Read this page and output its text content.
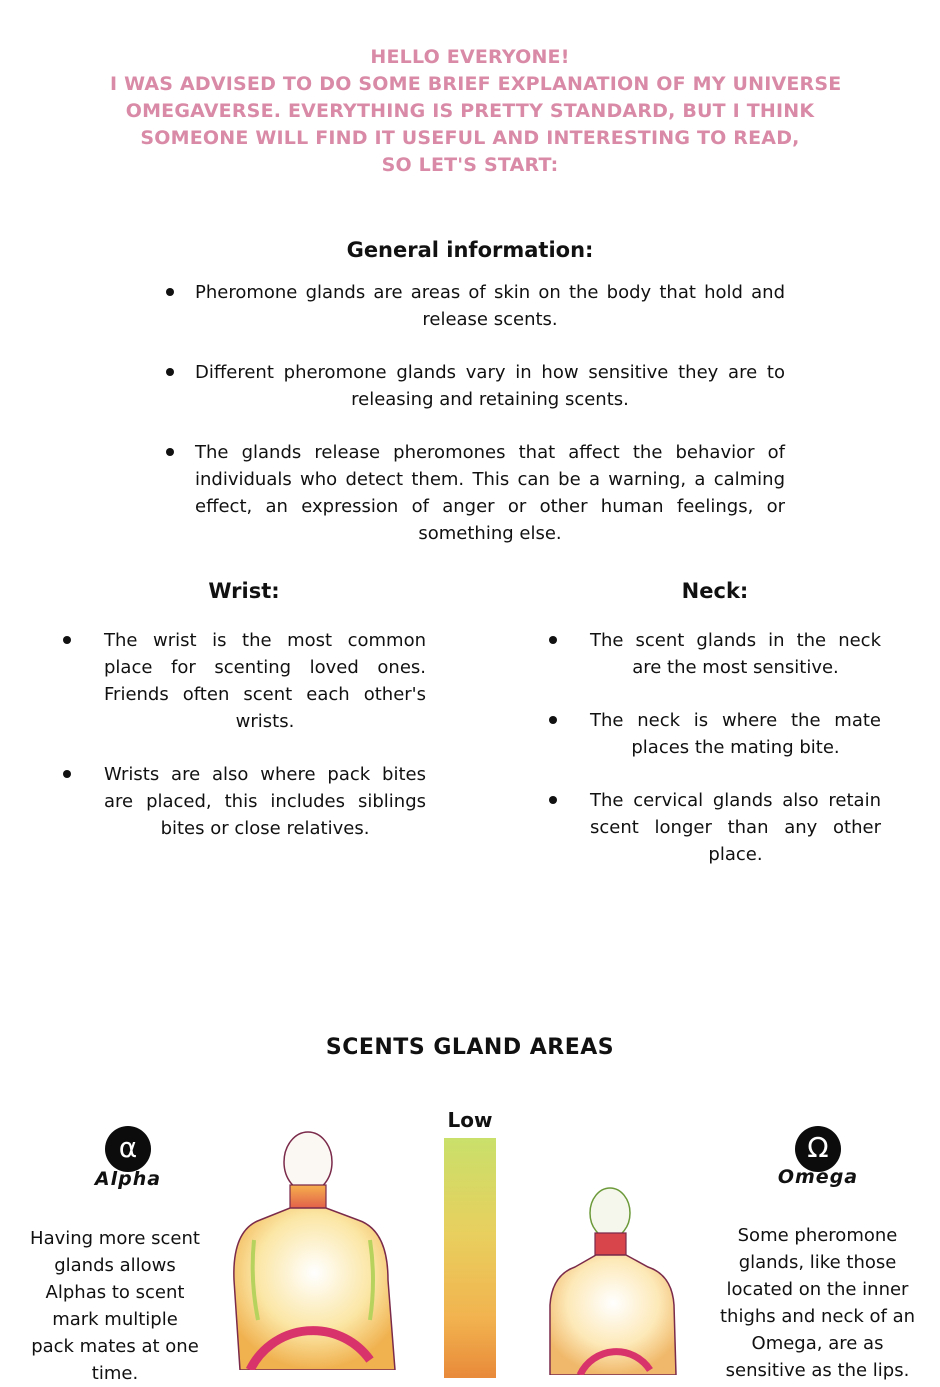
HELLO EVERYONE!
I WAS ADVISED TO DO SOME BRIEF EXPLANATION OF MY UNIVERSE
OMEGAVERSE. EVERYTHING IS PRETTY STANDARD, BUT I THINK
SOMEONE WILL FIND IT USEFUL AND INTERESTING TO READ,
SO LET'S START:
General information:
Pheromone glands are areas of skin on the body that hold and release scents.
Different pheromone glands vary in how sensitive they are to releasing and retaining scents.
The glands release pheromones that affect the behavior of individuals who detect them. This can be a warning, a calming effect, an expression of anger or other human feelings, or something else.
Wrist:
The wrist is the most common place for scenting loved ones. Friends often scent each other's wrists.
Wrists are also where pack bites are placed, this includes siblings bites or close relatives.
Neck:
The scent glands in the neck are the most sensitive.
The neck is where the mate places the mating bite.
The cervical glands also retain scent longer than any other place.
SCENTS GLAND AREAS
Low
α
Alpha
Having more scent
glands allows
Alphas to scent
mark multiple
pack mates at one
time.
Ω
Omega
Some pheromone
glands, like those
located on the inner
thighs and neck of an
Omega, are as
sensitive as the lips.
